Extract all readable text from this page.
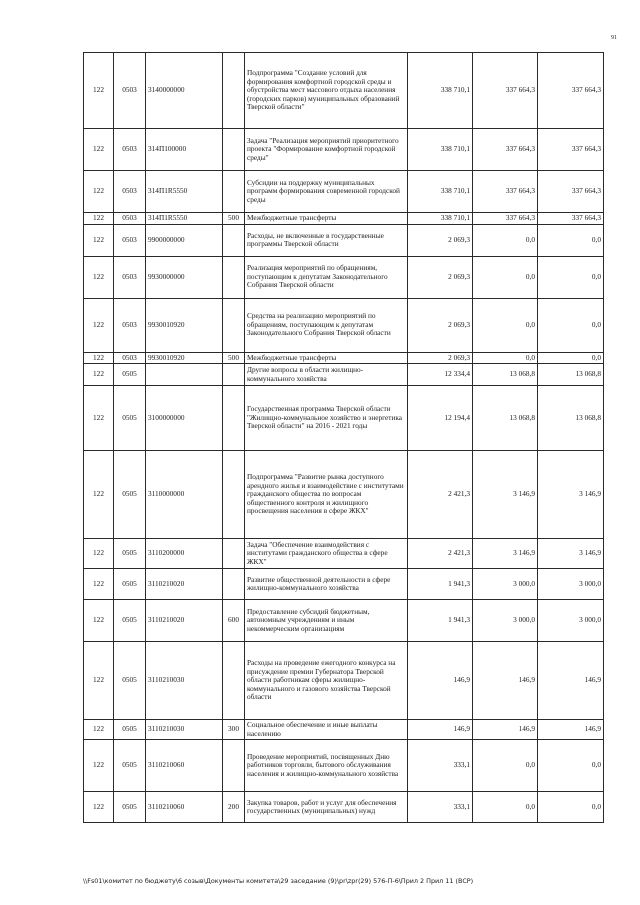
91
122	0503	3140000000		Подпрограмма "Создание условий для формирования комфортной городской среды и обустройства мест массового отдыха населения (городских парков) муниципальных образований Тверской области"	338 710,1	337 664,3	337 664,3
122	0503	314П100000		Задача "Реализация мероприятий приоритетного проекта "Формирование комфортной городской среды"	338 710,1	337 664,3	337 664,3
122	0503	314П1R5550		Субсидии на поддержку муниципальных программ формирования современной городской среды	338 710,1	337 664,3	337 664,3
122	0503	314П1R5550	500	Межбюджетные трансферты	338 710,1	337 664,3	337 664,3
122	0503	9900000000		Расходы, не включенные в государственные программы Тверской области	2 069,3	0,0	0,0
122	0503	9930000000		Реализация мероприятий по обращениям, поступающим к депутатам Законодательного Собрания Тверской области	2 069,3	0,0	0,0
122	0503	9930010920		Средства на реализацию мероприятий по обращениям, поступающим к депутатам Законодательного Собрания Тверской области	2 069,3	0,0	0,0
122	0503	9930010920	500	Межбюджетные трансферты	2 069,3	0,0	0,0
122	0505			Другие вопросы в области жилищно-коммунального хозяйства	12 334,4	13 068,8	13 068,8
122	0505	3100000000		Государственная программа Тверской области "Жилищно-коммунальное хозяйство и энергетика Тверской области" на 2016 - 2021 годы	12 194,4	13 068,8	13 068,8
122	0505	3110000000		Подпрограмма "Развитие рынка доступного арендного жилья и взаимодействие с институтами гражданского общества по вопросам общественного контроля и жилищного просвещения населения в сфере ЖКХ"	2 421,3	3 146,9	3 146,9
122	0505	3110200000		Задача "Обеспечение взаимодействия с институтами гражданского общества в сфере ЖКХ"	2 421,3	3 146,9	3 146,9
122	0505	3110210020		Развитие общественной деятельности в сфере жилищно-коммунального хозяйства	1 941,3	3 000,0	3 000,0
122	0505	3110210020	600	Предоставление субсидий бюджетным, автономным учреждениям и иным некоммерческим организациям	1 941,3	3 000,0	3 000,0
122	0505	3110210030		Расходы на проведение ежегодного конкурса на присуждение премии Губернатора Тверской области работникам сферы жилищно-коммунального и газового хозяйства Тверской области	146,9	146,9	146,9
122	0505	3110210030	300	Социальное обеспечение и иные выплаты населению	146,9	146,9	146,9
122	0505	3110210060		Проведение мероприятий, посвященных Дню работников торговли, бытового обслуживания населения и жилищно-коммунального хозяйства	333,1	0,0	0,0
122	0505	3110210060	200	Закупка товаров, работ и услуг для обеспечения государственных (муниципальных) нужд	333,1	0,0	0,0
\\Fs01\комитет по бюджету\6 созыв\Документы комитета\29 заседание (9)\pr\zpr(29) 576-П-6\Прил 2 Прил 11 (ВСР)
